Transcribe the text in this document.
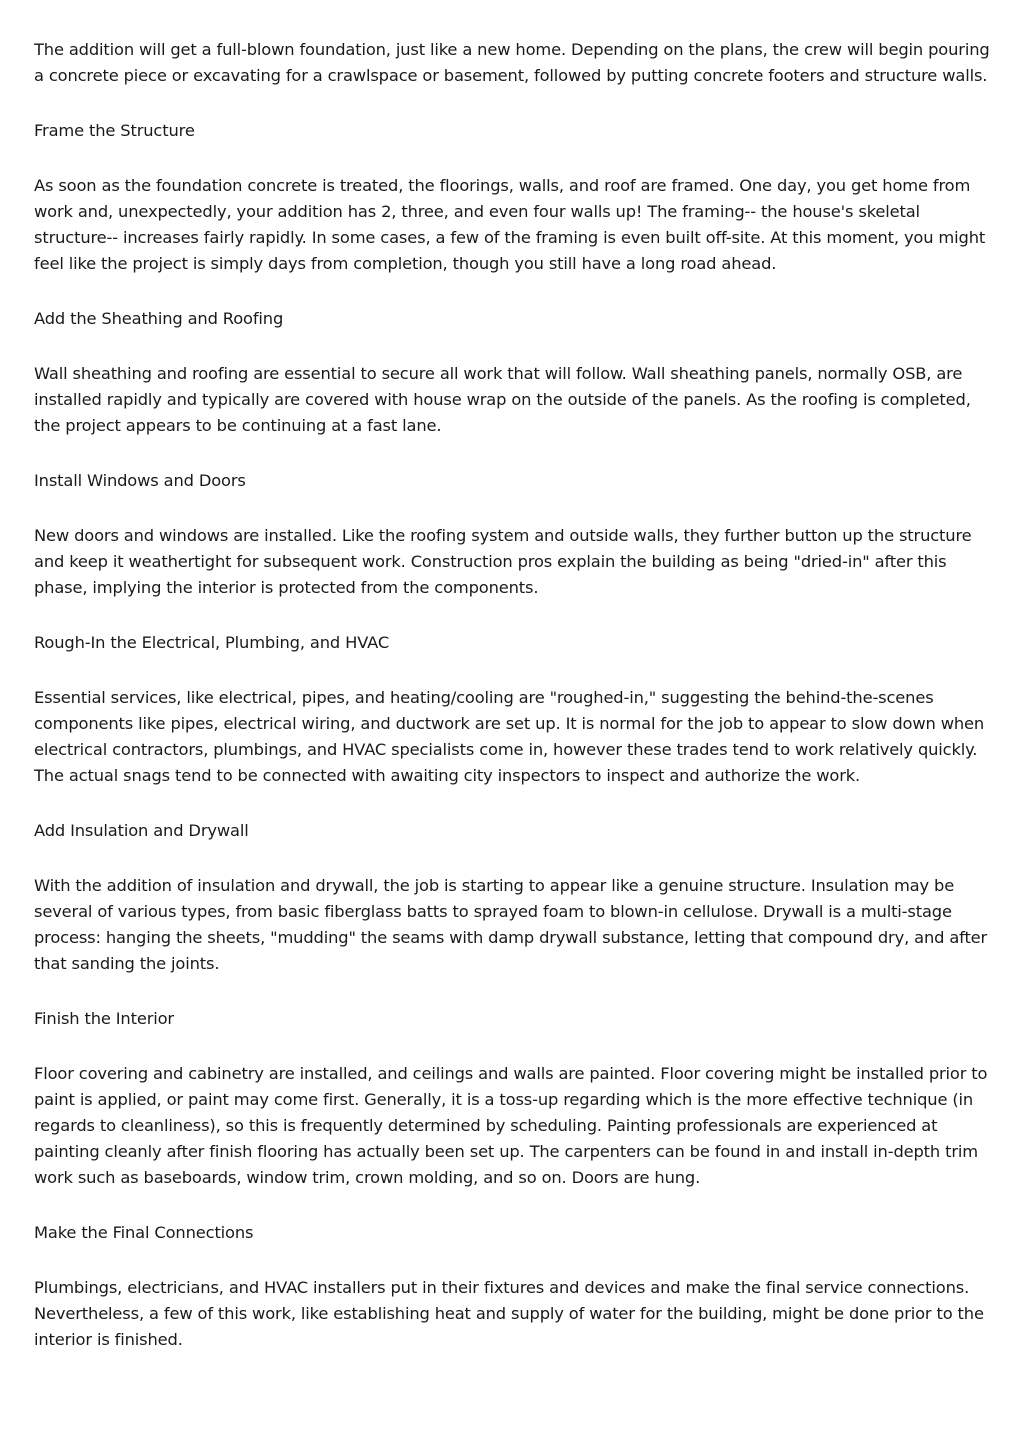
The addition will get a full-blown foundation, just like a new home. Depending on the plans, the crew will begin pouring a concrete piece or excavating for a crawlspace or basement, followed by putting concrete footers and structure walls.

Frame the Structure

As soon as the foundation concrete is treated, the floorings, walls, and roof are framed. One day, you get home from work and, unexpectedly, your addition has 2, three, and even four walls up! The framing-- the house's skeletal structure-- increases fairly rapidly. In some cases, a few of the framing is even built off-site. At this moment, you might feel like the project is simply days from completion, though you still have a long road ahead.

Add the Sheathing and Roofing

Wall sheathing and roofing are essential to secure all work that will follow. Wall sheathing panels, normally OSB, are installed rapidly and typically are covered with house wrap on the outside of the panels. As the roofing is completed, the project appears to be continuing at a fast lane.

Install Windows and Doors

New doors and windows are installed. Like the roofing system and outside walls, they further button up the structure and keep it weathertight for subsequent work. Construction pros explain the building as being "dried-in" after this phase, implying the interior is protected from the components.

Rough-In the Electrical, Plumbing, and HVAC

Essential services, like electrical, pipes, and heating/cooling are "roughed-in," suggesting the behind-the-scenes components like pipes, electrical wiring, and ductwork are set up. It is normal for the job to appear to slow down when electrical contractors, plumbings, and HVAC specialists come in, however these trades tend to work relatively quickly. The actual snags tend to be connected with awaiting city inspectors to inspect and authorize the work.

Add Insulation and Drywall

With the addition of insulation and drywall, the job is starting to appear like a genuine structure. Insulation may be several of various types, from basic fiberglass batts to sprayed foam to blown-in cellulose. Drywall is a multi-stage process: hanging the sheets, "mudding" the seams with damp drywall substance, letting that compound dry, and after that sanding the joints.

Finish the Interior

Floor covering and cabinetry are installed, and ceilings and walls are painted. Floor covering might be installed prior to paint is applied, or paint may come first. Generally, it is a toss-up regarding which is the more effective technique (in regards to cleanliness), so this is frequently determined by scheduling. Painting professionals are experienced at painting cleanly after finish flooring has actually been set up. The carpenters can be found in and install in-depth trim work such as baseboards, window trim, crown molding, and so on. Doors are hung.

Make the Final Connections

Plumbings, electricians, and HVAC installers put in their fixtures and devices and make the final service connections. Nevertheless, a few of this work, like establishing heat and supply of water for the building, might be done prior to the interior is finished.
